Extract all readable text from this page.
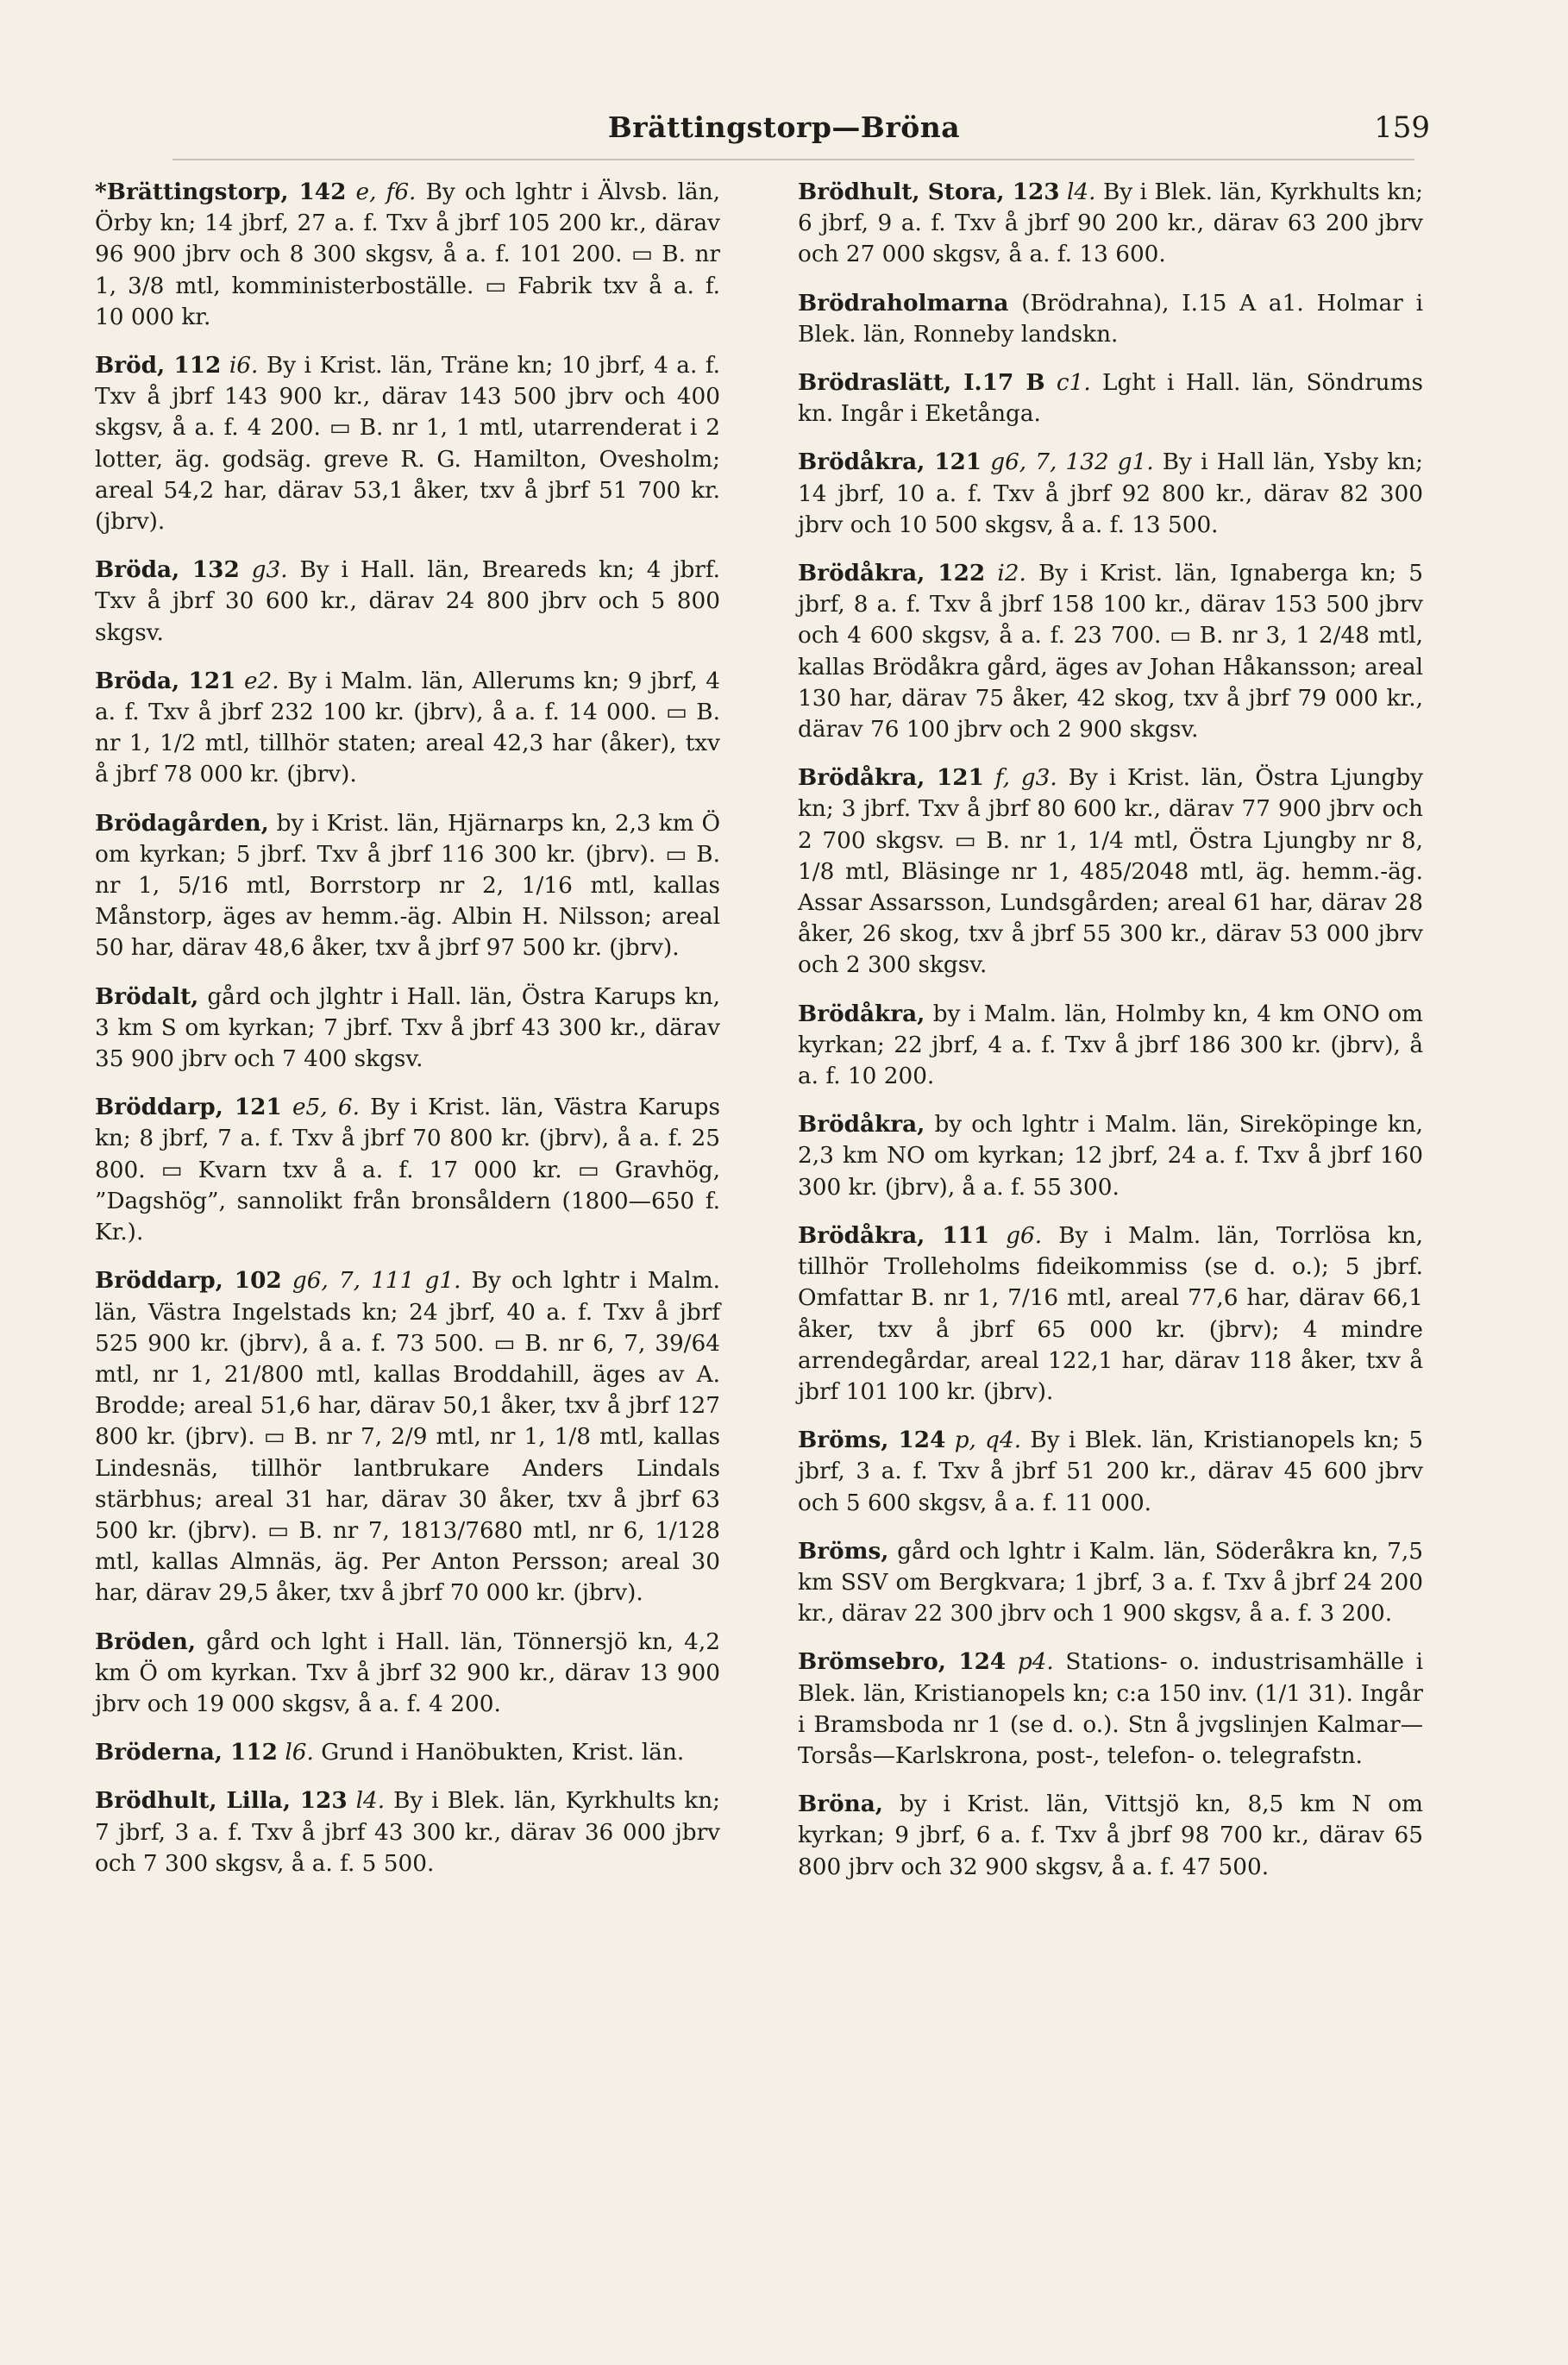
Brättingstorp—Bröna	159

*Brättingstorp, 142 e, f6. By och lghtr i Älvsb. län, Örby kn; 14 jbrf, 27 a. f. Txv å jbrf 105 200 kr., därav 96 900 jbrv och 8 300 skgsv, å a. f. 101 200. ▭ B. nr 1, 3/8 mtl, komministerboställe. ▭ Fabrik txv å a. f. 10 000 kr.

Bröd, 112 i6. By i Krist. län, Träne kn; 10 jbrf, 4 a. f. Txv å jbrf 143 900 kr., därav 143 500 jbrv och 400 skgsv, å a. f. 4 200. ▭ B. nr 1, 1 mtl, utarrenderat i 2 lotter, äg. godsäg. greve R. G. Hamilton, Ovesholm; areal 54,2 har, därav 53,1 åker, txv å jbrf 51 700 kr. (jbrv).

Bröda, 132 g3. By i Hall. län, Breareds kn; 4 jbrf. Txv å jbrf 30 600 kr., därav 24 800 jbrv och 5 800 skgsv.

Bröda, 121 e2. By i Malm. län, Allerums kn; 9 jbrf, 4 a. f. Txv å jbrf 232 100 kr. (jbrv), å a. f. 14 000. ▭ B. nr 1, 1/2 mtl, tillhör staten; areal 42,3 har (åker), txv å jbrf 78 000 kr. (jbrv).

Brödagården, by i Krist. län, Hjärnarps kn, 2,3 km Ö om kyrkan; 5 jbrf. Txv å jbrf 116 300 kr. (jbrv). ▭ B. nr 1, 5/16 mtl, Borrstorp nr 2, 1/16 mtl, kallas Månstorp, äges av hemm.-äg. Albin H. Nilsson; areal 50 har, därav 48,6 åker, txv å jbrf 97 500 kr. (jbrv).

Brödalt, gård och jlghtr i Hall. län, Östra Karups kn, 3 km S om kyrkan; 7 jbrf. Txv å jbrf 43 300 kr., därav 35 900 jbrv och 7 400 skgsv.

Bröddarp, 121 e5, 6. By i Krist. län, Västra Karups kn; 8 jbrf, 7 a. f. Txv å jbrf 70 800 kr. (jbrv), å a. f. 25 800. ▭ Kvarn txv å a. f. 17 000 kr. ▭ Gravhög, ”Dagshög”, sannolikt från bronsåldern (1800—650 f. Kr.).

Bröddarp, 102 g6, 7, 111 g1. By och lghtr i Malm. län, Västra Ingelstads kn; 24 jbrf, 40 a. f. Txv å jbrf 525 900 kr. (jbrv), å a. f. 73 500. ▭ B. nr 6, 7, 39/64 mtl, nr 1, 21/800 mtl, kallas Broddahill, äges av A. Brodde; areal 51,6 har, därav 50,1 åker, txv å jbrf 127 800 kr. (jbrv). ▭ B. nr 7, 2/9 mtl, nr 1, 1/8 mtl, kallas Lindesnäs, tillhör lantbrukare Anders Lindals stärbhus; areal 31 har, därav 30 åker, txv å jbrf 63 500 kr. (jbrv). ▭ B. nr 7, 1813/7680 mtl, nr 6, 1/128 mtl, kallas Almnäs, äg. Per Anton Persson; areal 30 har, därav 29,5 åker, txv å jbrf 70 000 kr. (jbrv).

Bröden, gård och lght i Hall. län, Tönnersjö kn, 4,2 km Ö om kyrkan. Txv å jbrf 32 900 kr., därav 13 900 jbrv och 19 000 skgsv, å a. f. 4 200.

Bröderna, 112 l6. Grund i Hanöbukten, Krist. län.

Brödhult, Lilla, 123 l4. By i Blek. län, Kyrkhults kn; 7 jbrf, 3 a. f. Txv å jbrf 43 300 kr., därav 36 000 jbrv och 7 300 skgsv, å a. f. 5 500.

Brödhult, Stora, 123 l4. By i Blek. län, Kyrkhults kn; 6 jbrf, 9 a. f. Txv å jbrf 90 200 kr., därav 63 200 jbrv och 27 000 skgsv, å a. f. 13 600.

Brödraholmarna (Brödrahna), I.15 A a1. Holmar i Blek. län, Ronneby landskn.

Brödraslätt, I.17 B c1. Lght i Hall. län, Söndrums kn. Ingår i Eketånga.

Brödåkra, 121 g6, 7, 132 g1. By i Hall län, Ysby kn; 14 jbrf, 10 a. f. Txv å jbrf 92 800 kr., därav 82 300 jbrv och 10 500 skgsv, å a. f. 13 500.

Brödåkra, 122 i2. By i Krist. län, Ignaberga kn; 5 jbrf, 8 a. f. Txv å jbrf 158 100 kr., därav 153 500 jbrv och 4 600 skgsv, å a. f. 23 700. ▭ B. nr 3, 1 2/48 mtl, kallas Brödåkra gård, äges av Johan Håkansson; areal 130 har, därav 75 åker, 42 skog, txv å jbrf 79 000 kr., därav 76 100 jbrv och 2 900 skgsv.

Brödåkra, 121 f, g3. By i Krist. län, Östra Ljungby kn; 3 jbrf. Txv å jbrf 80 600 kr., därav 77 900 jbrv och 2 700 skgsv. ▭ B. nr 1, 1/4 mtl, Östra Ljungby nr 8, 1/8 mtl, Bläsinge nr 1, 485/2048 mtl, äg. hemm.-äg. Assar Assarsson, Lundsgården; areal 61 har, därav 28 åker, 26 skog, txv å jbrf 55 300 kr., därav 53 000 jbrv och 2 300 skgsv.

Brödåkra, by i Malm. län, Holmby kn, 4 km ONO om kyrkan; 22 jbrf, 4 a. f. Txv å jbrf 186 300 kr. (jbrv), å a. f. 10 200.

Brödåkra, by och lghtr i Malm. län, Sireköpinge kn, 2,3 km NO om kyrkan; 12 jbrf, 24 a. f. Txv å jbrf 160 300 kr. (jbrv), å a. f. 55 300.

Brödåkra, 111 g6. By i Malm. län, Torrlösa kn, tillhör Trolleholms fideikommiss (se d. o.); 5 jbrf. Omfattar B. nr 1, 7/16 mtl, areal 77,6 har, därav 66,1 åker, txv å jbrf 65 000 kr. (jbrv); 4 mindre arrendegårdar, areal 122,1 har, därav 118 åker, txv å jbrf 101 100 kr. (jbrv).

Bröms, 124 p, q4. By i Blek. län, Kristianopels kn; 5 jbrf, 3 a. f. Txv å jbrf 51 200 kr., därav 45 600 jbrv och 5 600 skgsv, å a. f. 11 000.

Bröms, gård och lghtr i Kalm. län, Söderåkra kn, 7,5 km SSV om Bergkvara; 1 jbrf, 3 a. f. Txv å jbrf 24 200 kr., därav 22 300 jbrv och 1 900 skgsv, å a. f. 3 200.

Brömsebro, 124 p4. Stations- o. industrisamhälle i Blek. län, Kristianopels kn; c:a 150 inv. (1/1 31). Ingår i Bramsboda nr 1 (se d. o.). Stn å jvgslinjen Kalmar—Torsås—Karlskrona, post-, telefon- o. telegrafstn.

Bröna, by i Krist. län, Vittsjö kn, 8,5 km N om kyrkan; 9 jbrf, 6 a. f. Txv å jbrf 98 700 kr., därav 65 800 jbrv och 32 900 skgsv, å a. f. 47 500.
